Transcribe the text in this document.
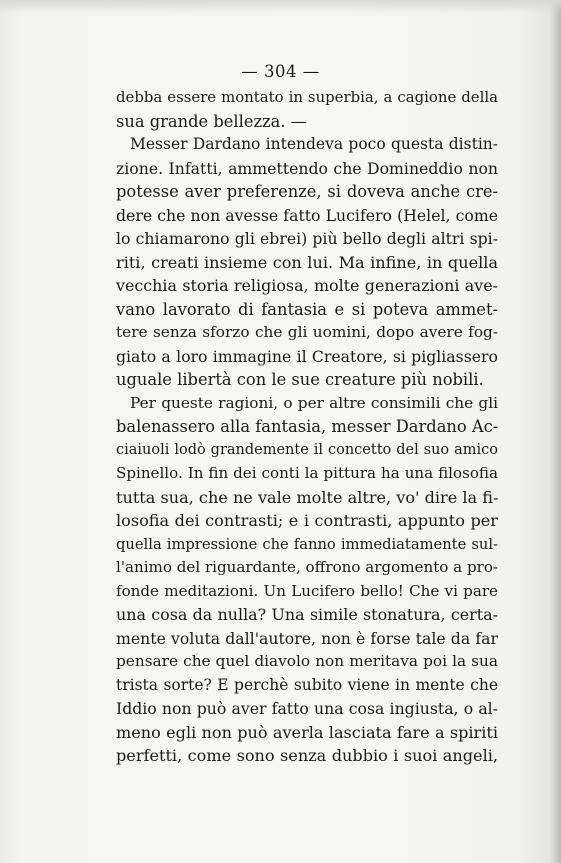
— 304 —
debba essere montato in superbia, a cagione della
sua grande bellezza. —
Messer Dardano intendeva poco questa distin-
zione. Infatti, ammettendo che Domineddio non
potesse aver preferenze, si doveva anche cre-
dere che non avesse fatto Lucifero (Helel, come
lo chiamarono gli ebrei) più bello degli altri spi-
riti, creati insieme con lui. Ma infine, in quella
vecchia storia religiosa, molte generazioni ave-
vano lavorato di fantasia e si poteva ammet-
tere senza sforzo che gli uomini, dopo avere fog-
giato a loro immagine il Creatore, si pigliassero
uguale libertà con le sue creature più nobili.
Per queste ragioni, o per altre consimili che gli
balenassero alla fantasia, messer Dardano Ac-
ciaiuoli lodò grandemente il concetto del suo amico
Spinello. In fin dei conti la pittura ha una filosofia
tutta sua, che ne vale molte altre, vo' dire la fi-
losofia dei contrasti; e i contrasti, appunto per
quella impressione che fanno immediatamente sul-
l'animo del riguardante, offrono argomento a pro-
fonde meditazioni. Un Lucifero bello! Che vi pare
una cosa da nulla? Una simile stonatura, certa-
mente voluta dall'autore, non è forse tale da far
pensare che quel diavolo non meritava poi la sua
trista sorte? E perchè subito viene in mente che
Iddio non può aver fatto una cosa ingiusta, o al-
meno egli non può averla lasciata fare a spiriti
perfetti, come sono senza dubbio i suoi angeli,
